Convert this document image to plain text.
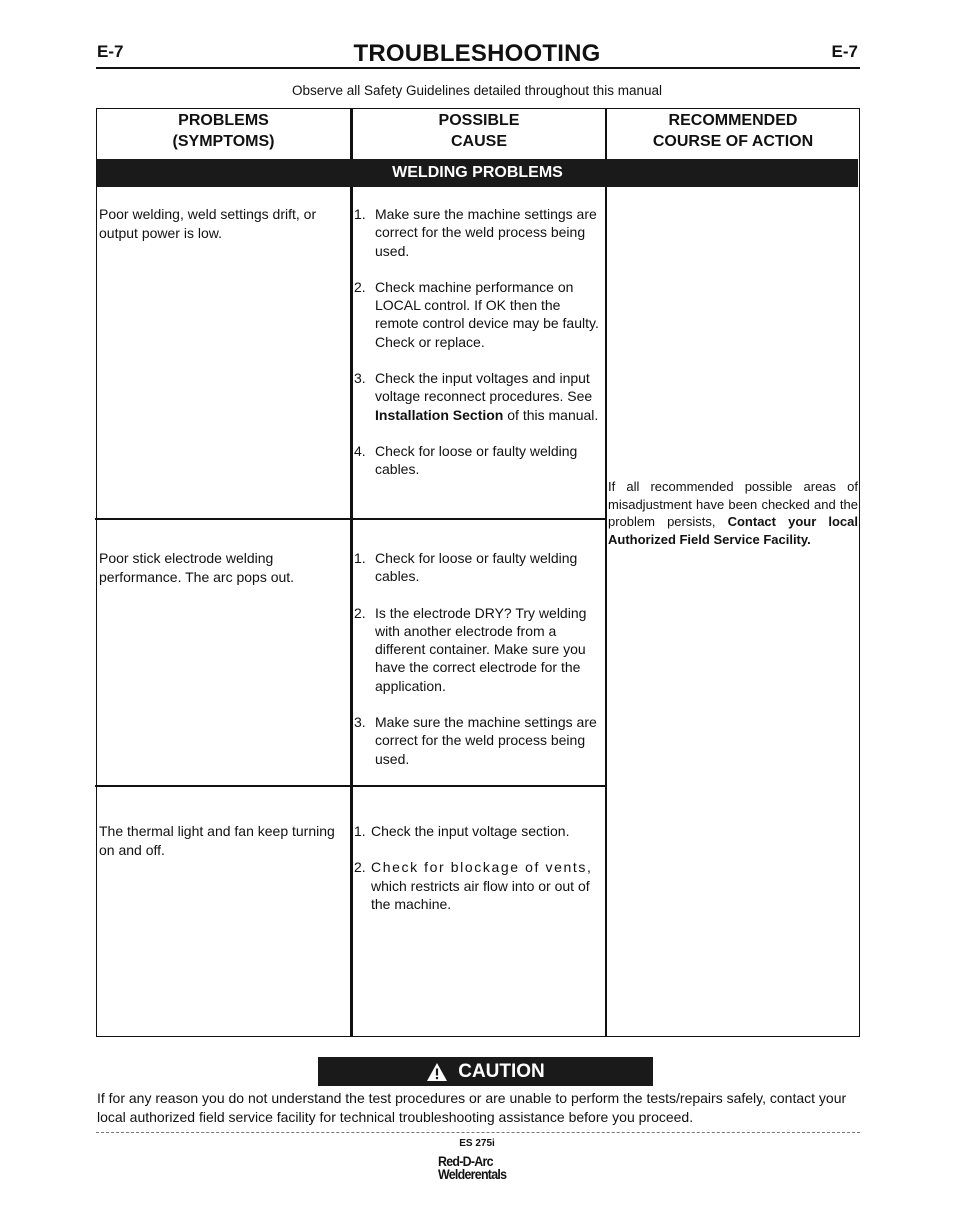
E-7	TROUBLESHOOTING	E-7
Observe all Safety Guidelines detailed throughout this manual
PROBLEMS
(SYMPTOMS)
POSSIBLE
CAUSE
RECOMMENDED
COURSE OF ACTION
WELDING PROBLEMS
Poor welding, weld settings drift, or output power is low.
1. Make sure the machine settings are correct for the weld process being used.
2. Check machine performance on LOCAL control. If OK then the remote control device may be faulty. Check or replace.
3. Check the input voltages and input voltage reconnect procedures. See Installation Section of this manual.
4. Check for loose or faulty welding cables.
Poor stick electrode welding performance. The arc pops out.
1. Check for loose or faulty welding cables.
2. Is the electrode DRY? Try welding with another electrode from a different container. Make sure you have the correct electrode for the application.
3. Make sure the machine settings are correct for the weld process being used.
The thermal light and fan keep turning on and off.
1. Check the input voltage section.
2. Check for blockage of vents, which restricts air flow into or out of the machine.
If all recommended possible areas of misadjustment have been checked and the problem persists, Contact your local Authorized Field Service Facility.
CAUTION
If for any reason you do not understand the test procedures or are unable to perform the tests/repairs safely, contact your local authorized field service facility for technical troubleshooting assistance before you proceed.
ES 275i
Red-D-Arc
Welderentals
